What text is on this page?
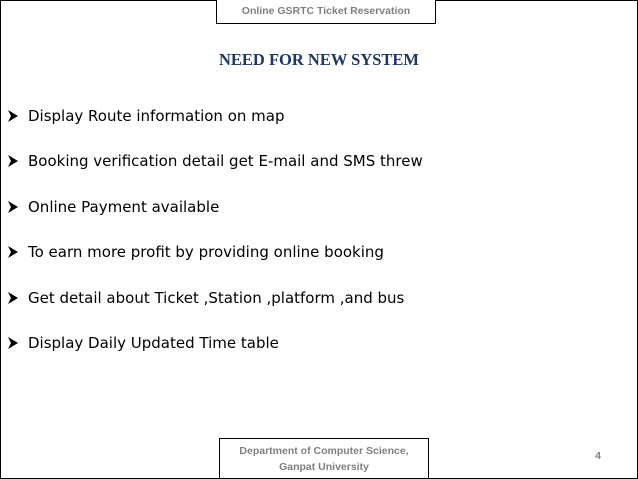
Online GSRTC Ticket Reservation
NEED FOR NEW SYSTEM
Display Route information on map
Booking verification detail get E-mail and SMS threw
Online Payment available
To earn more profit by providing online booking
Get detail about Ticket ,Station ,platform ,and bus
Display Daily Updated Time table
Department of Computer Science,
Ganpat University
4
